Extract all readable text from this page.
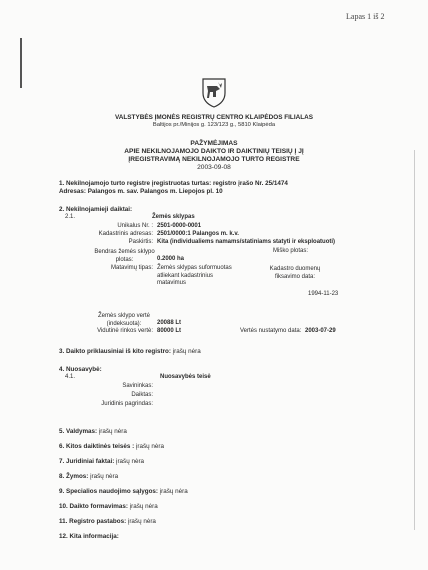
Lapas 1 iš 2
VALSTYBĖS ĮMONĖS REGISTRŲ CENTRO KLAIPĖDOS FILIALAS
Baltijos pr./Minijos g. 123/123 g., 5810 Klaipėda
PAŽYMĖJIMAS
APIE NEKILNOJAMOJO DAIKTO IR DAIKTINIŲ TEISIŲ Į JĮ
ĮREGISTRAVIMĄ NEKILNOJAMOJO TURTO REGISTRE
2003-09-08
1. Nekilnojamojo turto registre įregistruotas turtas: registro įrašo Nr. 25/1474
Adresas: Palangos m. sav. Palangos m. Liepojos pl. 10
2. Nekilnojamieji daiktai:
2.1.	Žemės sklypas
Unikalus Nr. : 2501-0000-0001
Kadastrinis adresas: 2501/0000:1 Palangos m. k.v.
Paskirtis: Kita (individualiems namams/statiniams statyti ir eksploatuoti)
Bendras žemės sklypo plotas:	0.2000 ha
Miško plotas:
Matavimų tipas: Žemės sklypas suformuotas atliekant kadastrinius matavimus
Kadastro duomenų fiksavimo data:
1994-11-23
Žemės sklypo vertė (indeksuota):	20088 Lt
Vidutinė rinkos vertė: 80000 Lt	Vertės nustatymo data: 2003-07-29
3. Daikto priklausiniai iš kito registro: įrašų nėra
4. Nuosavybė:
4.1.	Nuosavybės teisė
Savininkas:
Daiktas:
Juridinis pagrindas:
5. Valdymas: įrašų nėra
6. Kitos daiktinės teisės : įrašų nėra
7. Juridiniai faktai: įrašų nėra
8. Žymos: įrašų nėra
9. Specialios naudojimo sąlygos: įrašų nėra
10. Daikto formavimas: įrašų nėra
11. Registro pastabos: įrašų nėra
12. Kita informacija:
